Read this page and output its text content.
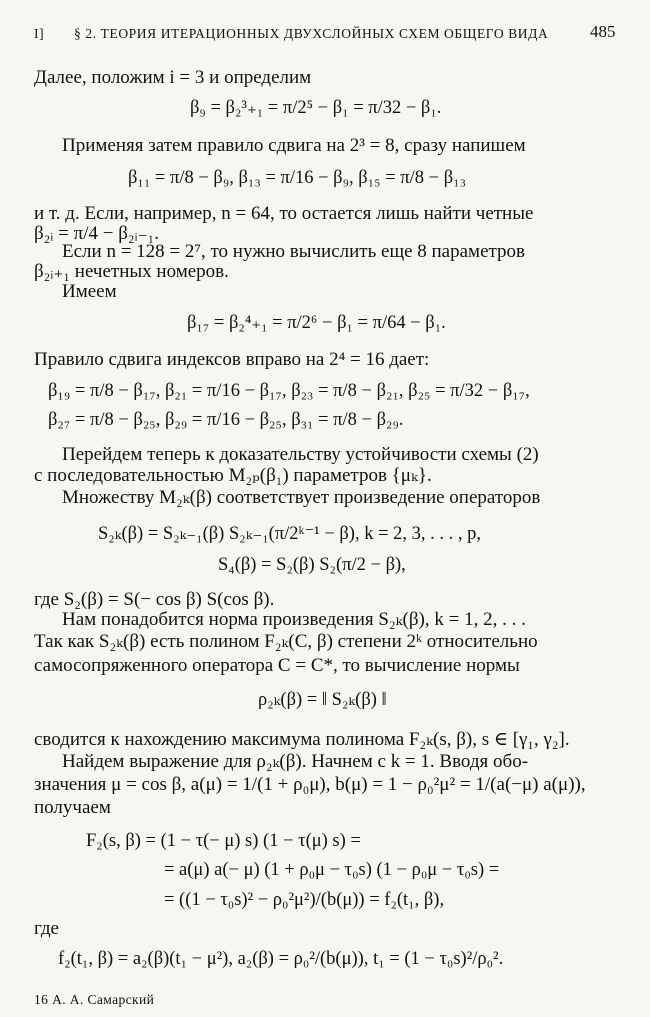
I] § 2. ТЕОРИЯ ИТЕРАЦИОННЫХ ДВУХСЛОЙНЫХ СХЕМ ОБЩЕГО ВИДА 485
Далее, положим i = 3 и определим
β₉ = β₂³₊₁ = π/2⁵ − β₁ = π/32 − β₁.
Применяя затем правило сдвига на 2³ = 8, сразу напишем
β₁₁ = π/8 − β₉, β₁₃ = π/16 − β₉, β₁₅ = π/8 − β₁₃
и т. д. Если, например, n = 64, то остается лишь найти четные
β₂ᵢ = π/4 − β₂ᵢ₋₁.
Если n = 128 = 2⁷, то нужно вычислить еще 8 параметров
β₂ᵢ₊₁ нечетных номеров.
Имеем
β₁₇ = β₂⁴₊₁ = π/2⁶ − β₁ = π/64 − β₁.
Правило сдвига индексов вправо на 2⁴ = 16 дает:
β₁₉ = π/8 − β₁₇, β₂₁ = π/16 − β₁₇, β₂₃ = π/8 − β₂₁, β₂₅ = π/32 − β₁₇,
β₂₇ = π/8 − β₂₅, β₂₉ = π/16 − β₂₅, β₃₁ = π/8 − β₂₉.
Перейдем теперь к доказательству устойчивости схемы (2)
с последовательностью M₂ₚ(β₁) параметров {μₖ}.
Множеству M₂ₖ(β) соответствует произведение операторов
S₂ₖ(β) = S₂ₖ₋₁(β) S₂ₖ₋₁(π/2ᵏ⁻¹ − β), k = 2, 3, . . . , p,
S₄(β) = S₂(β) S₂(π/2 − β),
где S₂(β) = S(− cos β) S(cos β).
Нам понадобится норма произведения S₂ₖ(β), k = 1, 2, . . .
Так как S₂ₖ(β) есть полином F₂ₖ(C, β) степени 2ᵏ относительно
самосопряженного оператора C = C*, то вычисление нормы
ρ₂ₖ(β) = ‖ S₂ₖ(β) ‖
сводится к нахождению максимума полинома F₂ₖ(s, β), s ∈ [γ₁, γ₂].
Найдем выражение для ρ₂ₖ(β). Начнем с k = 1. Вводя обо-
значения μ = cos β, a(μ) = 1/(1 + ρ₀μ), b(μ) = 1 − ρ₀²μ² = 1/(a(−μ) a(μ)),
получаем
F₂(s, β) = (1 − τ(− μ) s) (1 − τ(μ) s) =
= a(μ) a(− μ) (1 + ρ₀μ − τ₀s) (1 − ρ₀μ − τ₀s) =
= ((1 − τ₀s)² − ρ₀²μ²)/(b(μ)) = f₂(t₁, β),
где
f₂(t₁, β) = a₂(β)(t₁ − μ²), a₂(β) = ρ₀²/(b(μ)), t₁ = (1 − τ₀s)²/ρ₀².
16 А. А. Самарский
